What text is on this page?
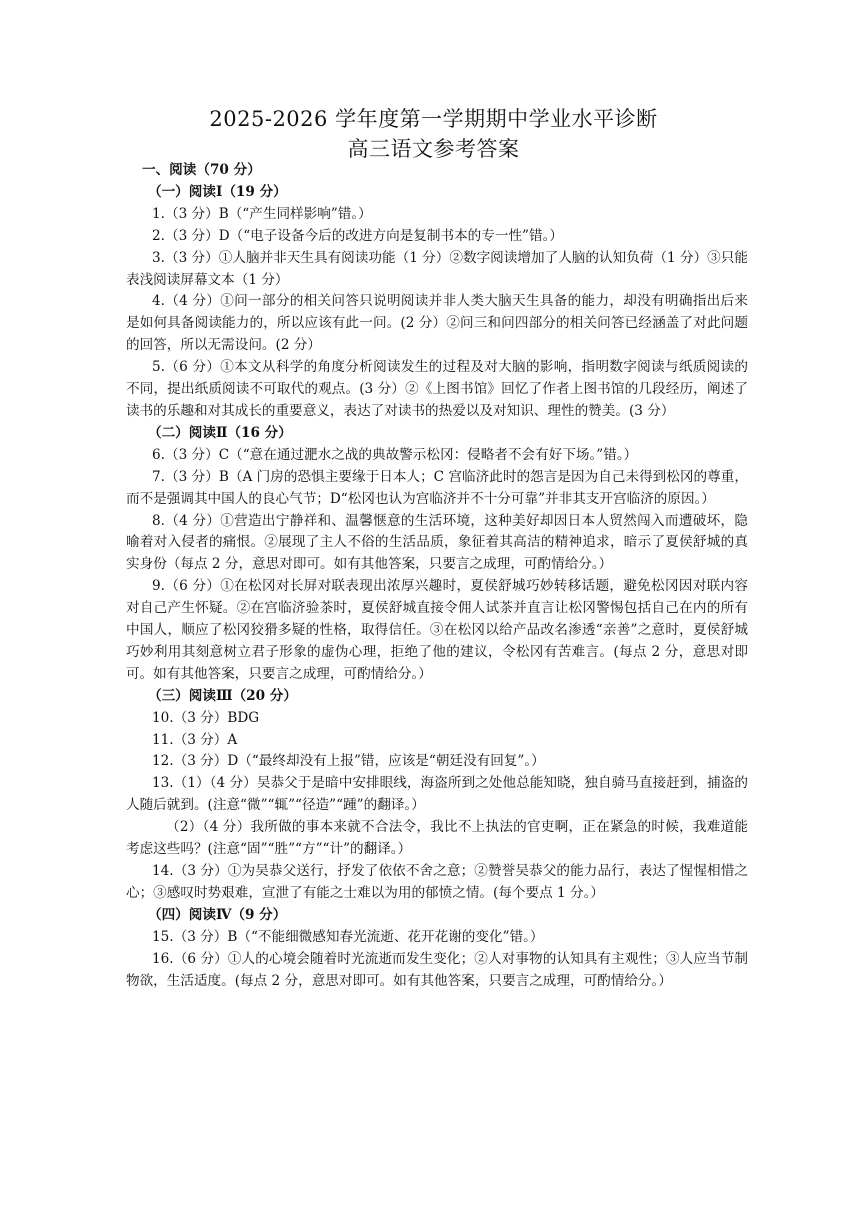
2025-2026 学年度第一学期期中学业水平诊断
高三语文参考答案

一、阅读（70 分）

（一）阅读Ⅰ（19 分）

1.（3 分）B（“产生同样影响”错。）

2.（3 分）D（“电子设备今后的改进方向是复制书本的专一性”错。）

3.（3 分）①人脑并非天生具有阅读功能（1 分）②数字阅读增加了人脑的认知负荷（1 分）③只能表浅阅读屏幕文本（1 分）

4.（4 分）①问一部分的相关问答只说明阅读并非人类大脑天生具备的能力，却没有明确指出后来是如何具备阅读能力的，所以应该有此一问。(2 分）②问三和问四部分的相关问答已经涵盖了对此问题的回答，所以无需设问。(2 分）

5.（6 分）①本文从科学的角度分析阅读发生的过程及对大脑的影响，指明数字阅读与纸质阅读的不同，提出纸质阅读不可取代的观点。(3 分）②《上图书馆》回忆了作者上图书馆的几段经历，阐述了读书的乐趣和对其成长的重要意义，表达了对读书的热爱以及对知识、理性的赞美。(3 分）

（二）阅读Ⅱ（16 分）

6.（3 分）C（“意在通过淝水之战的典故警示松冈：侵略者不会有好下场。”错。）

7.（3 分）B（A 门房的恐惧主要缘于日本人；C 宫临济此时的怨言是因为自己未得到松冈的尊重，而不是强调其中国人的良心气节；D“松冈也认为宫临济并不十分可靠”并非其支开宫临济的原因。）

8.（4 分）①营造出宁静祥和、温馨惬意的生活环境，这种美好却因日本人贸然闯入而遭破坏，隐喻着对入侵者的痛恨。②展现了主人不俗的生活品质，象征着其高洁的精神追求，暗示了夏侯舒城的真实身份（每点 2 分，意思对即可。如有其他答案，只要言之成理，可酌情给分。）

9.（6 分）①在松冈对长屏对联表现出浓厚兴趣时，夏侯舒城巧妙转移话题，避免松冈因对联内容对自己产生怀疑。②在宫临济验茶时，夏侯舒城直接令佣人试茶并直言让松冈警惕包括自己在内的所有中国人，顺应了松冈狡猾多疑的性格，取得信任。③在松冈以给产品改名渗透“亲善”之意时，夏侯舒城巧妙利用其刻意树立君子形象的虚伪心理，拒绝了他的建议，令松冈有苦难言。(每点 2 分，意思对即可。如有其他答案，只要言之成理，可酌情给分。）

（三）阅读Ⅲ（20 分）

10.（3 分）BDG

11.（3 分）A

12.（3 分）D（“最终却没有上报”错，应该是“朝廷没有回复”。）

13.（1）（4 分）吴恭父于是暗中安排眼线，海盗所到之处他总能知晓，独自骑马直接赶到，捕盗的人随后就到。(注意“微”“辄”“径造”“踵”的翻译。）

（2）（4 分）我所做的事本来就不合法令，我比不上执法的官吏啊，正在紧急的时候，我难道能考虑这些吗？(注意“固”“胜”“方”“计”的翻译。）

14.（3 分）①为吴恭父送行，抒发了依依不舍之意；②赞誉吴恭父的能力品行，表达了惺惺相惜之心；③感叹时势艰难，宣泄了有能之士难以为用的郁愤之情。(每个要点 1 分。）

（四）阅读Ⅳ（9 分）

15.（3 分）B（“不能细微感知春光流逝、花开花谢的变化”错。）

16.（6 分）①人的心境会随着时光流逝而发生变化；②人对事物的认知具有主观性；③人应当节制物欲，生活适度。(每点 2 分，意思对即可。如有其他答案，只要言之成理，可酌情给分。）
